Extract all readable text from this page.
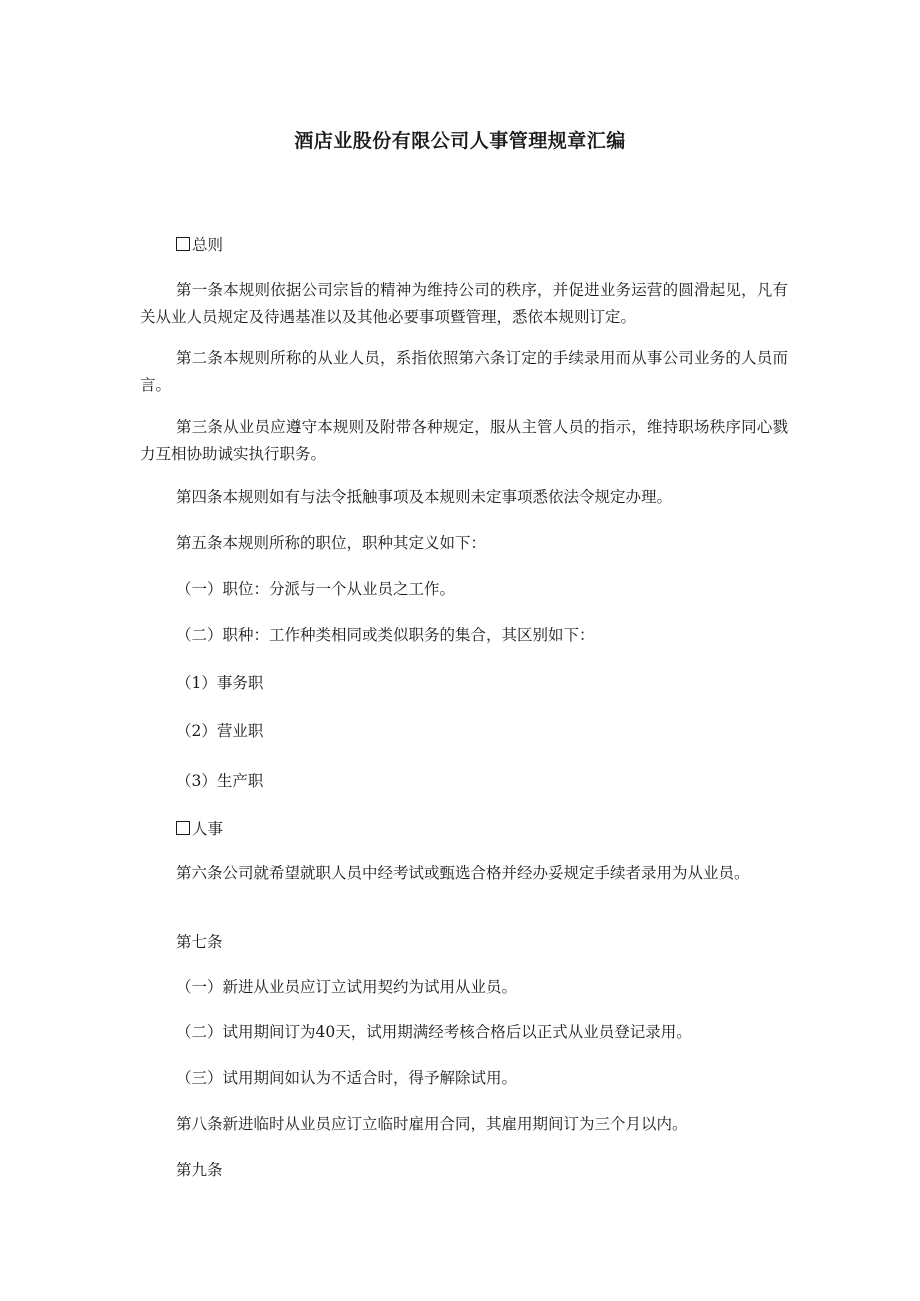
酒店业股份有限公司人事管理规章汇编

总则

第一条本规则依据公司宗旨的精神为维持公司的秩序，并促进业务运营的圆滑起见，凡有关从业人员规定及待遇基准以及其他必要事项暨管理，悉依本规则订定。

第二条本规则所称的从业人员，系指依照第六条订定的手续录用而从事公司业务的人员而言。

第三条从业员应遵守本规则及附带各种规定，服从主管人员的指示，维持职场秩序同心戮力互相协助诚实执行职务。

第四条本规则如有与法令抵触事项及本规则未定事项悉依法令规定办理。

第五条本规则所称的职位，职种其定义如下：

（一）职位：分派与一个从业员之工作。

（二）职种：工作种类相同或类似职务的集合，其区别如下：

（1）事务职

（2）营业职

（3）生产职

人事

第六条公司就希望就职人员中经考试或甄选合格并经办妥规定手续者录用为从业员。

第七条

（一）新进从业员应订立试用契约为试用从业员。

（二）试用期间订为40天，试用期满经考核合格后以正式从业员登记录用。

（三）试用期间如认为不适合时，得予解除试用。

第八条新进临时从业员应订立临时雇用合同，其雇用期间订为三个月以内。

第九条
